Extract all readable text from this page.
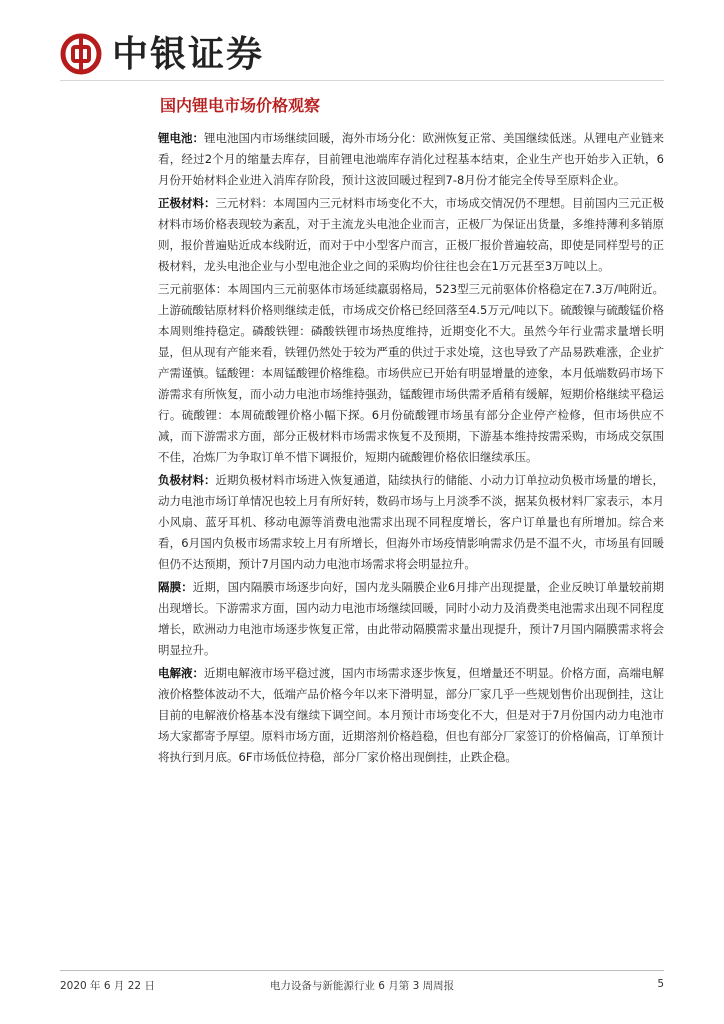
中银证券
国内锂电市场价格观察

锂电池：锂电池国内市场继续回暖，海外市场分化：欧洲恢复正常、美国继续低迷。从锂电产业链来看，经过2个月的缩量去库存，目前锂电池端库存消化过程基本结束，企业生产也开始步入正轨，6月份开始材料企业进入消库存阶段，预计这波回暖过程到7-8月份才能完全传导至原料企业。

正极材料：三元材料：本周国内三元材料市场变化不大，市场成交情况仍不理想。目前国内三元正极材料市场价格表现较为紊乱，对于主流龙头电池企业而言，正极厂为保证出货量，多维持薄利多销原则，报价普遍贴近成本线附近，而对于中小型客户而言，正极厂报价普遍较高，即使是同样型号的正极材料，龙头电池企业与小型电池企业之间的采购均价往往也会在1万元甚至3万吨以上。

三元前驱体：本周国内三元前驱体市场延续羸弱格局，523型三元前驱体价格稳定在7.3万/吨附近。上游硫酸钴原材料价格则继续走低，市场成交价格已经回落至4.5万元/吨以下。硫酸镍与硫酸锰价格本周则维持稳定。磷酸铁锂：磷酸铁锂市场热度维持，近期变化不大。虽然今年行业需求量增长明显，但从现有产能来看，铁锂仍然处于较为严重的供过于求处境，这也导致了产品易跌难涨，企业扩产需谨慎。锰酸锂：本周锰酸锂价格维稳。市场供应已开始有明显增量的迹象，本月低端数码市场下游需求有所恢复，而小动力电池市场维持强劲，锰酸锂市场供需矛盾稍有缓解，短期价格继续平稳运行。硫酸锂：本周硫酸锂价格小幅下探。6月份硫酸锂市场虽有部分企业停产检修，但市场供应不减，而下游需求方面，部分正极材料市场需求恢复不及预期，下游基本维持按需采购，市场成交氛围不佳，冶炼厂为争取订单不惜下调报价，短期内硫酸锂价格依旧继续承压。

负极材料：近期负极材料市场进入恢复通道，陆续执行的储能、小动力订单拉动负极市场量的增长，动力电池市场订单情况也较上月有所好转，数码市场与上月淡季不淡，据某负极材料厂家表示，本月小风扇、蓝牙耳机、移动电源等消费电池需求出现不同程度增长，客户订单量也有所增加。综合来看，6月国内负极市场需求较上月有所增长，但海外市场疫情影响需求仍是不温不火，市场虽有回暖但仍不达预期，预计7月国内动力电池市场需求将会明显拉升。

隔膜：近期，国内隔膜市场逐步向好，国内龙头隔膜企业6月排产出现提量，企业反映订单量较前期出现增长。下游需求方面，国内动力电池市场继续回暖，同时小动力及消费类电池需求出现不同程度增长，欧洲动力电池市场逐步恢复正常，由此带动隔膜需求量出现提升，预计7月国内隔膜需求将会明显拉升。

电解液：近期电解液市场平稳过渡，国内市场需求逐步恢复，但增量还不明显。价格方面，高端电解液价格整体波动不大，低端产品价格今年以来下滑明显，部分厂家几乎一些规划售价出现倒挂，这让目前的电解液价格基本没有继续下调空间。本月预计市场变化不大，但是对于7月份国内动力电池市场大家都寄予厚望。原料市场方面，近期溶剂价格趋稳，但也有部分厂家签订的价格偏高，订单预计将执行到月底。6F市场低位持稳，部分厂家价格出现倒挂，止跌企稳。

2020 年 6 月 22 日	电力设备与新能源行业 6 月第 3 周周报	5
